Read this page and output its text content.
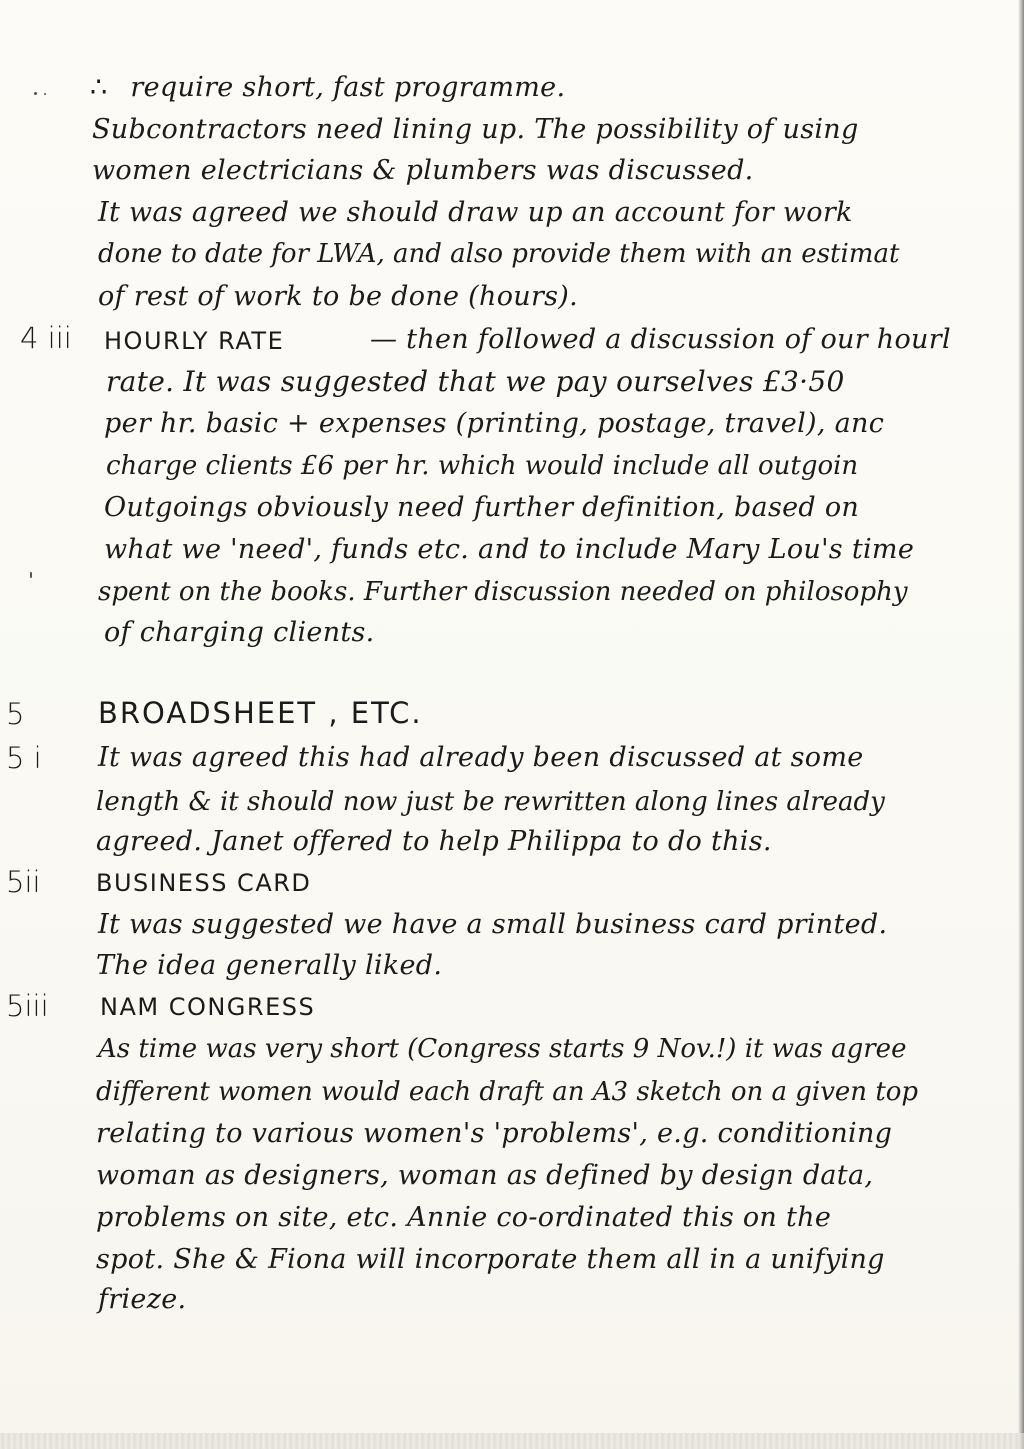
∴ require short, fast programme.
Subcontractors need lining up. The possibility of using
women electricians & plumbers was discussed.
It was agreed we should draw up an account for work
done to date for LWA, and also provide them with an estimat
of rest of work to be done (hours).
4 iii HOURLY RATE	— then followed a discussion of our hourl
rate. It was suggested that we pay ourselves £3·50
per hr. basic + expenses (printing, postage, travel), anc
charge clients £6 per hr. which would include all outgoin
Outgoings obviously need further definition, based on
what we 'need', funds etc. and to include Mary Lou's time
spent on the books. Further discussion needed on philosophy
of charging clients.
5	BROADSHEET , ETC.
5 i It was agreed this had already been discussed at some
length & it should now just be rewritten along lines already
agreed. Janet offered to help Philippa to do this.
5ii BUSINESS CARD
It was suggested we have a small business card printed.
The idea generally liked.
5iii NAM CONGRESS
As time was very short (Congress starts 9 Nov.!) it was agree
different women would each draft an A3 sketch on a given top
relating to various women's 'problems', e.g. conditioning
woman as designers, woman as defined by design data,
problems on site, etc. Annie co-ordinated this on the
spot. She & Fiona will incorporate them all in a unifying
frieze.
